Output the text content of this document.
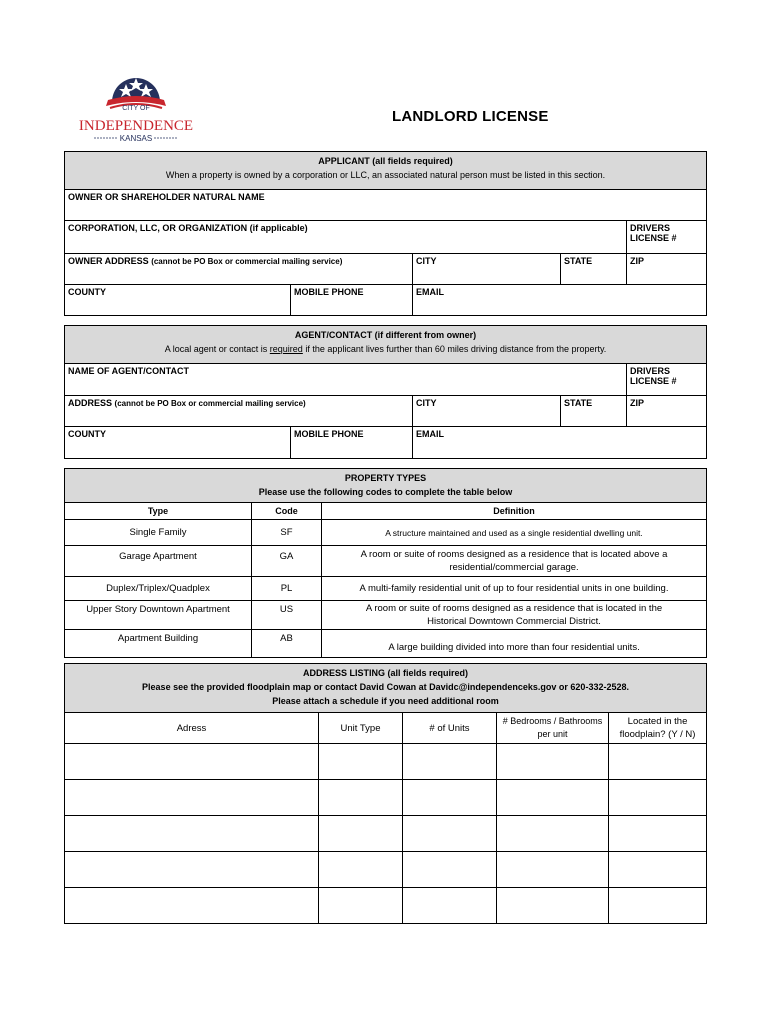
CITY OF
INDEPENDENCE
KANSAS
LANDLORD LICENSE
APPLICANT (all fields required)
When a property is owned by a corporation or LLC, an associated natural person must be listed in this section.				

OWNER OR SHAREHOLDER NATURAL NAME				
CORPORATION, LLC, OR ORGANIZATION (if applicable)				DRIVERS LICENSE #
OWNER ADDRESS (cannot be PO Box or commercial mailing service)		CITY	STATE	ZIP
COUNTY	MOBILE PHONE	EMAIL		
AGENT/CONTACT (if different from owner)
A local agent or contact is required if the applicant lives further than 60 miles driving distance from the property.				

NAME OF AGENT/CONTACT				DRIVERS LICENSE #
ADDRESS (cannot be PO Box or commercial mailing service)		CITY	STATE	ZIP
COUNTY	MOBILE PHONE	EMAIL		
PROPERTY TYPES
Please use the following codes to complete the table below		

Type	Code	Definition
Single Family	SF	A structure maintained and used as a single residential dwelling unit.
Garage Apartment	GA	A room or suite of rooms designed as a residence that is located above a residential/commercial garage.
Duplex/Triplex/Quadplex	PL	A multi-family residential unit of up to four residential units in one building.
Upper Story Downtown Apartment	US	A room or suite of rooms designed as a residence that is located in the Historical Downtown Commercial District.
Apartment Building	AB	A large building divided into more than four residential units.
ADDRESS LISTING (all fields required)
Please see the provided floodplain map or contact David Cowan at Davidc@independenceks.gov or 620-332-2528.
Please attach a schedule if you need additional room				

Adress	Unit Type	# of Units	# Bedrooms / Bathrooms per unit	Located in the floodplain? (Y / N)
